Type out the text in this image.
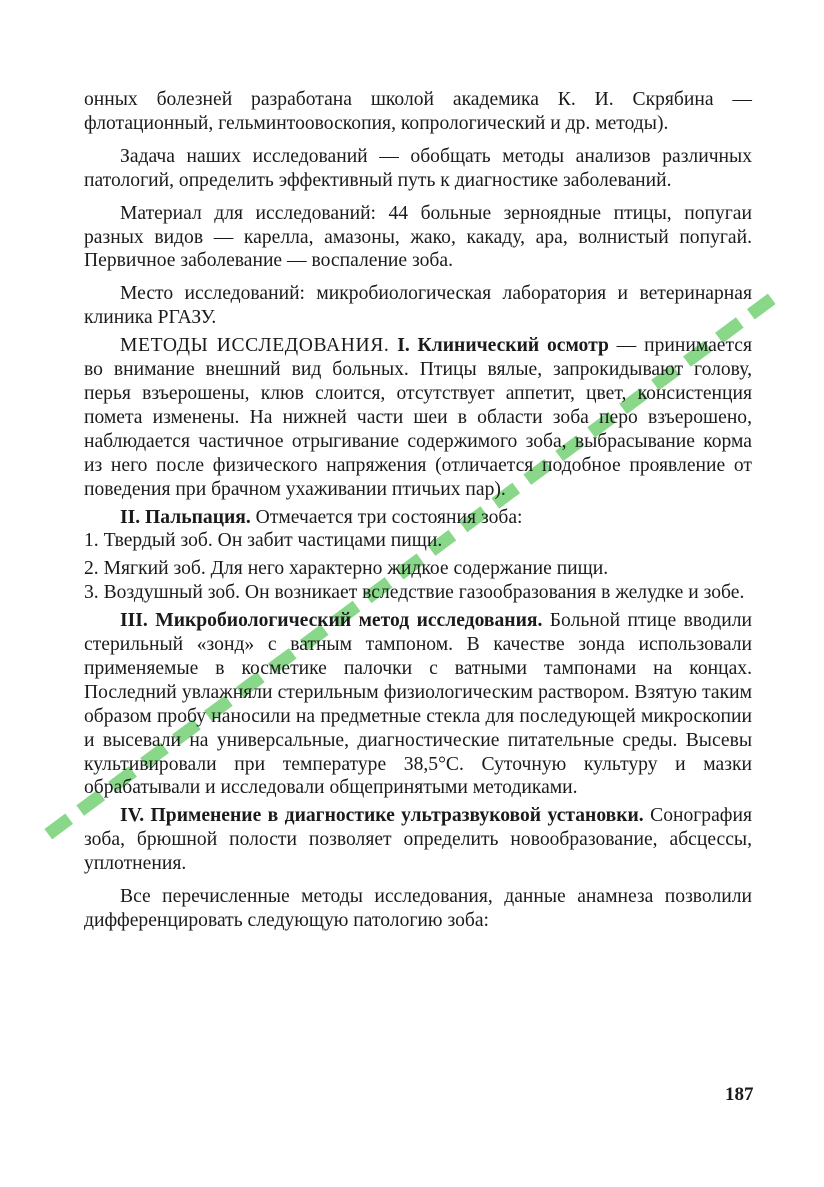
онных болезней разработана школой академика К. И. Скрябина — флотационный, гельминтоовоскопия, копрологический и др. методы).

Задача наших исследований — обобщать методы анализов различных патологий, определить эффективный путь к диагностике заболеваний.

Материал для исследований: 44 больные зерноядные птицы, попугаи разных видов — карелла, амазоны, жако, какаду, ара, волнистый попугай. Первичное заболевание — воспаление зоба.

Место исследований: микробиологическая лаборатория и ветеринарная клиника РГАЗУ.

МЕТОДЫ ИССЛЕДОВАНИЯ. I. Клинический осмотр — принимается во внимание внешний вид больных. Птицы вялые, запрокидывают голову, перья взъерошены, клюв слоится, отсутствует аппетит, цвет, консистенция помета изменены. На нижней части шеи в области зоба перо взъерошено, наблюдается частичное отрыгивание содержимого зоба, выбрасывание корма из него после физического напряжения (отличается подобное проявление от поведения при брачном ухаживании птичьих пар).

II. Пальпация. Отмечается три состояния зоба:

1. Твердый зоб. Он забит частицами пищи.

2. Мягкий зоб. Для него характерно жидкое содержание пищи.

3. Воздушный зоб. Он возникает вследствие газообразования в желудке и зобе.

III. Микробиологический метод исследования. Больной птице вводили стерильный «зонд» с ватным тампоном. В качестве зонда использовали применяемые в косметике палочки с ватными тампонами на концах. Последний увлажняли стерильным физиологическим раствором. Взятую таким образом пробу наносили на предметные стекла для последующей микроскопии и высевали на универсальные, диагностические питательные среды. Высевы культивировали при температуре 38,5°С. Суточную культуру и мазки обрабатывали и исследовали общепринятыми методиками.

IV. Применение в диагностике ультразвуковой установки. Сонография зоба, брюшной полости позволяет определить новообразование, абсцессы, уплотнения.

Все перечисленные методы исследования, данные анамнеза позволили дифференцировать следующую патологию зоба:

187
